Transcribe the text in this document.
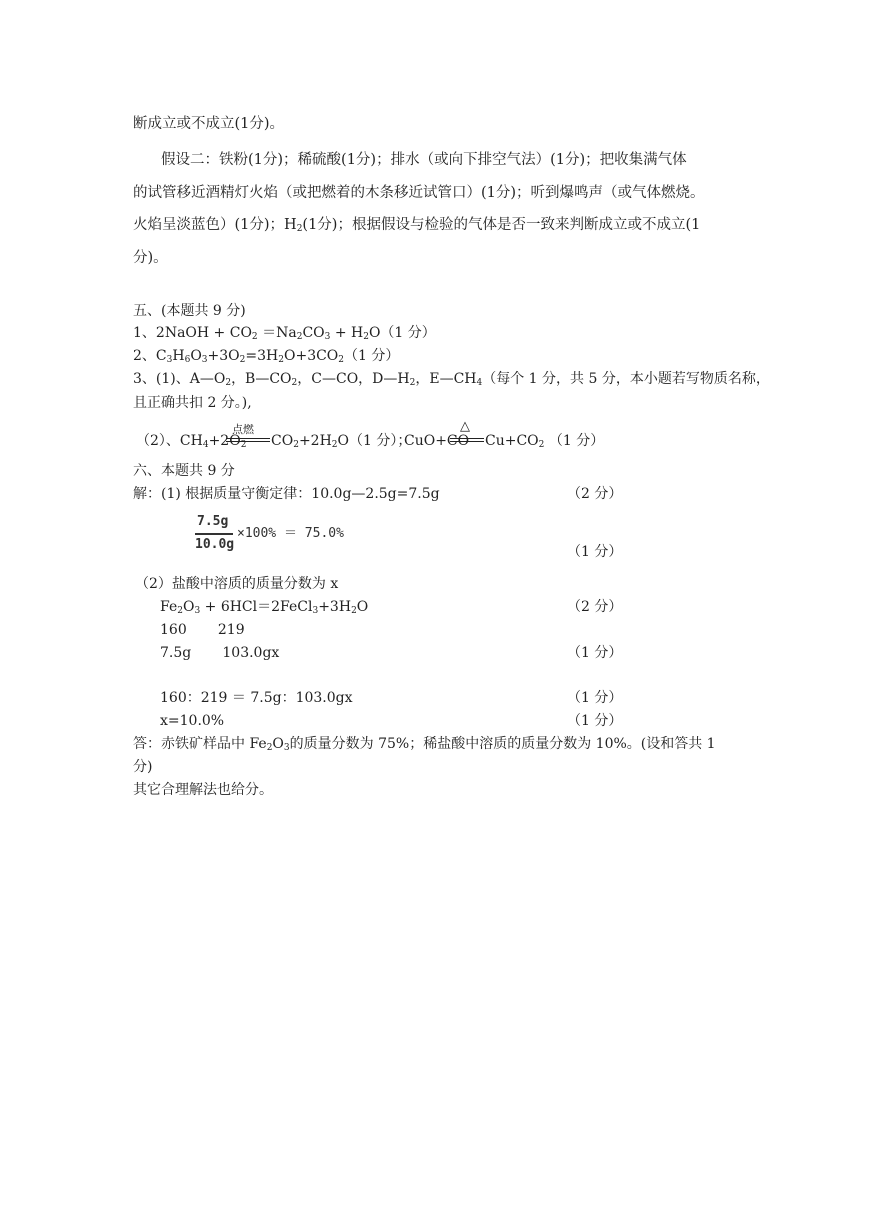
断成立或不成立(1分)。
假设二：铁粉(1分)；稀硫酸(1分)；排水（或向下排空气法）(1分)；把收集满气体
的试管移近酒精灯火焰（或把燃着的木条移近试管口）(1分)；听到爆鸣声（或气体燃烧。
火焰呈淡蓝色）(1分)；$H_2(1$分)；根据假设与检验的气体是否一致来判断成立或不成立(1
分)。
五、(本题共 9 分)
1、2NaOH + $CO_2 =Na_2CO_3 + H_2O(1$ 分）
2、$C_3H_6O_3+3O_2=3H_2O+3CO_2(1$ 分）
3、(1)、$A—O_2$，$B—CO_2$，C—CO，$D—H_2$，$E—CH_4$（每个 1 分，共 5 分，本小题若写物质名称，
且正确共扣 2 分。),
（2）、$CH_4+2O_2$
点燃
$CO_2+2H_2O(1$ 分）；
CuO+CO
△
$Cu+CO_2$ （1 分）
六、本题共 9 分
解：(1) 根据质量守衡定律：10.0g—2.5g=7.5g	（2 分）
7.5g
10.0g
×100% ＝ 75.0%
（1 分）
（2）盐酸中溶质的质量分数为 x
$Fe_2O_3$ + $6HCl=2FeCl_3+3H_2O$	（2 分）
160       219
7.5g       103.0gx	（1 分）
160：219 ＝ 7.5g：103.0gx	（1 分）
x=10.0%	（1 分）
答：赤铁矿样品中 $Fe_2O_3$的质量分数为 75%；稀盐酸中溶质的质量分数为 10%。(设和答共 1
分)
其它合理解法也给分。
